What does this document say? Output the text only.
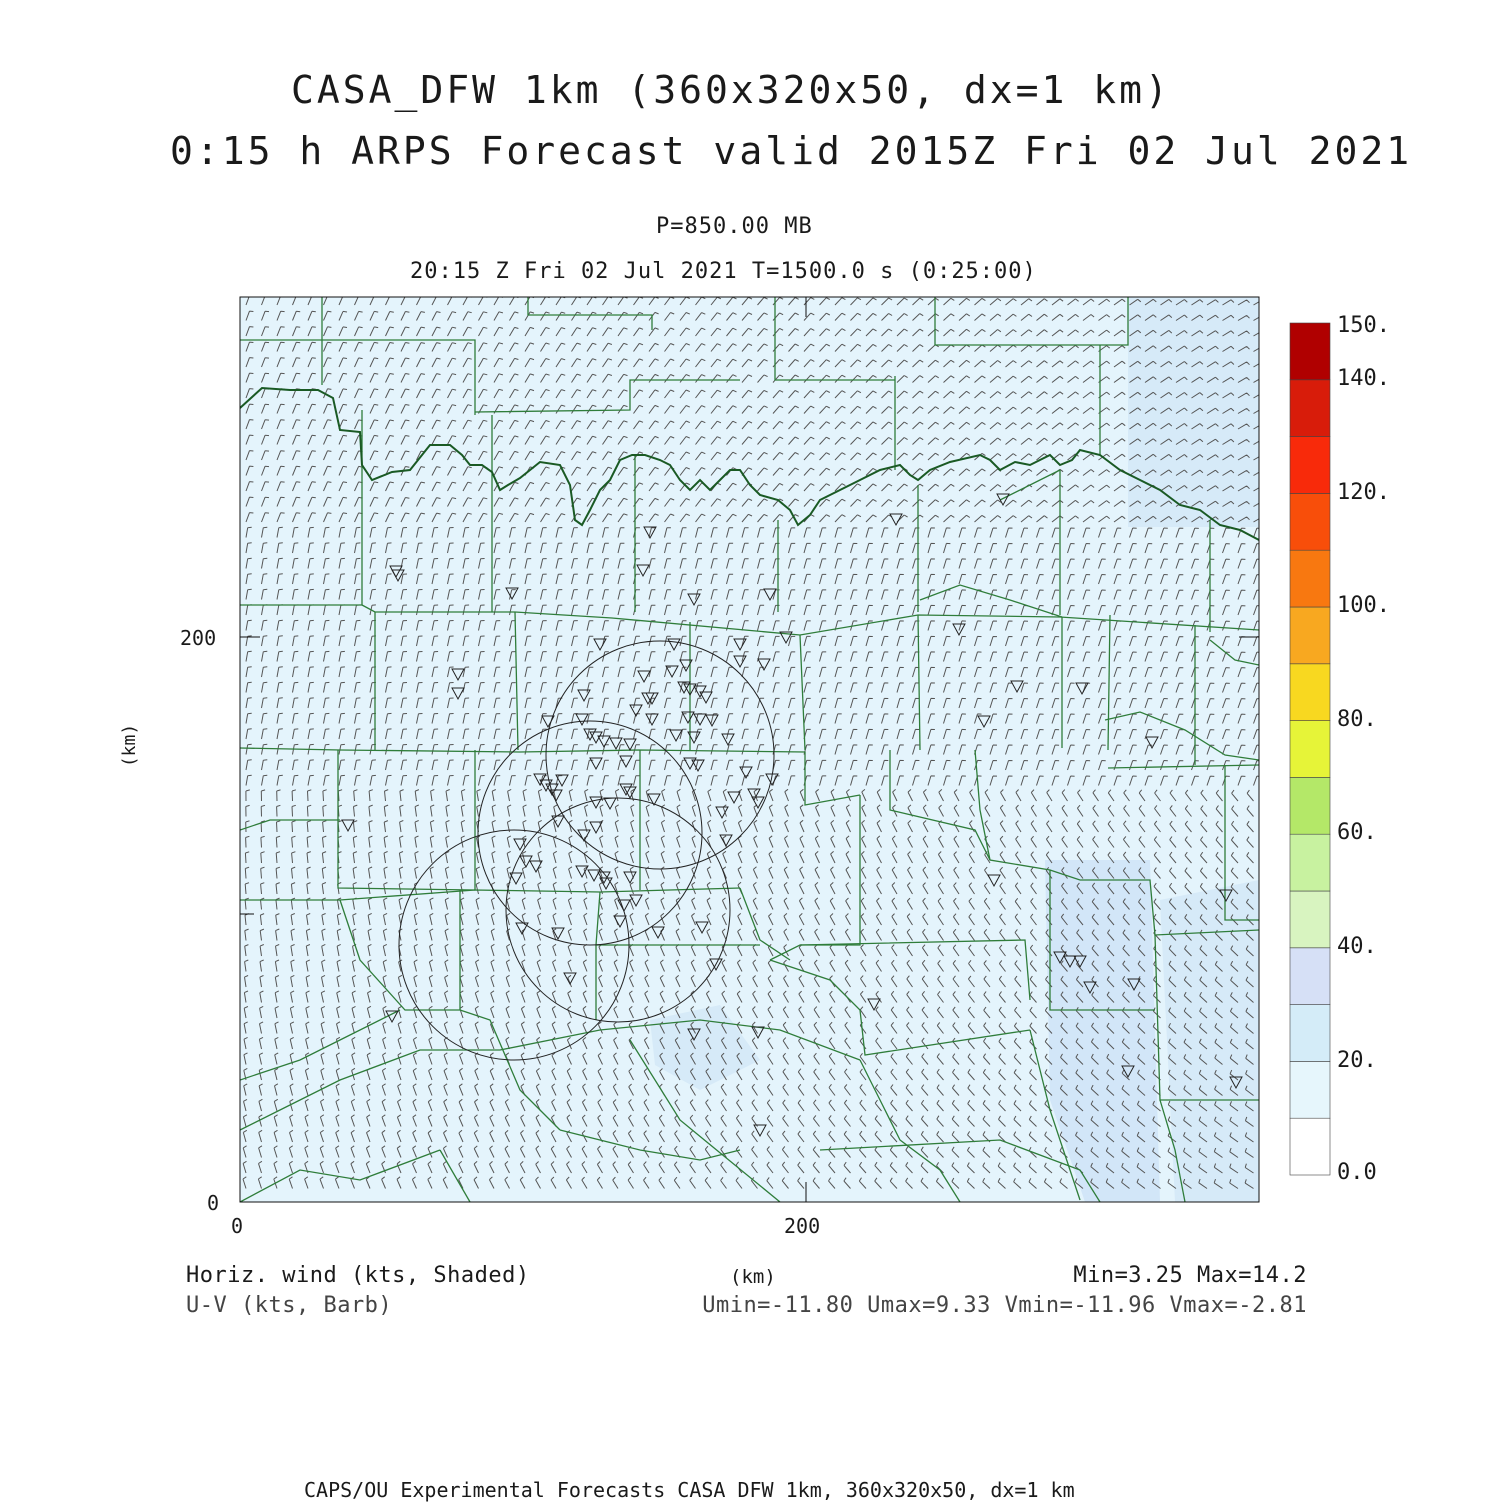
CASA_DFW 1km (360x320x50, dx=1 km)
0:15 h ARPS Forecast valid 2015Z Fri 02 Jul 2021
P=850.00 MB
20:15 Z Fri 02 Jul 2021 T=1500.0 s (0:25:00)
200
0
0	200
(km)
150.
140.
120.
100.
80.
60.
40.
20.
0.0
Horiz. wind (kts, Shaded)
U-V (kts, Barb)
(km)	Min=3.25 Max=14.2
Umin=-11.80 Umax=9.33 Vmin=-11.96 Vmax=-2.81
CAPS/OU Experimental Forecasts CASA DFW 1km, 360x320x50, dx=1 km
